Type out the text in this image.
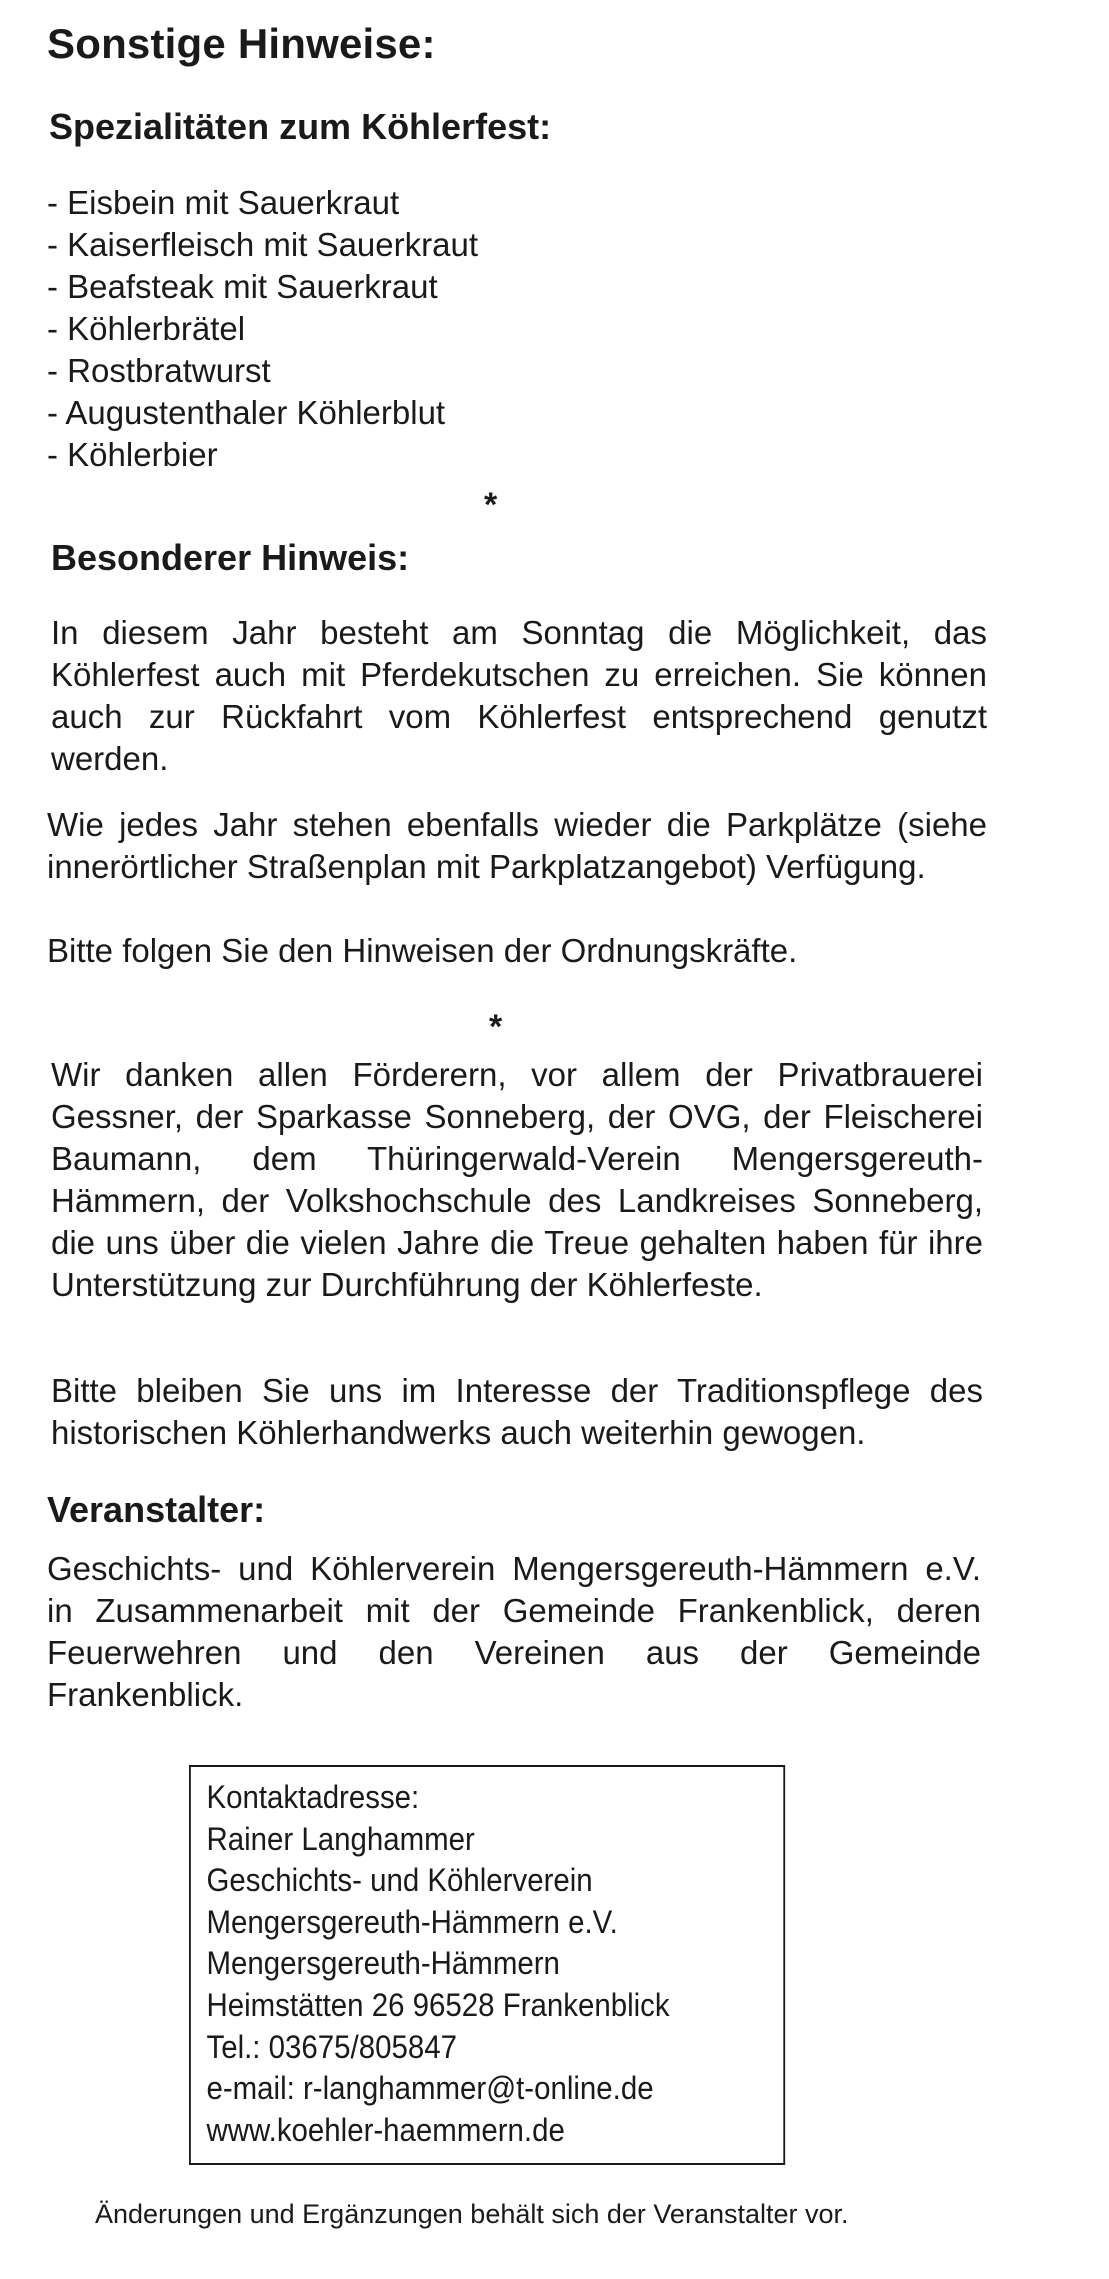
Sonstige Hinweise:
Spezialitäten zum Köhlerfest:
- Eisbein mit Sauerkraut
- Kaiserfleisch mit Sauerkraut
- Beafsteak mit Sauerkraut
- Köhlerbrätel
- Rostbratwurst
- Augustenthaler Köhlerblut
- Köhlerbier
*
Besonderer Hinweis:

In diesem Jahr besteht am Sonntag die Möglichkeit, das Köhlerfest auch mit Pferdekutschen zu erreichen. Sie können auch zur Rückfahrt vom Köhlerfest entsprechend genutzt werden.

Wie jedes Jahr stehen ebenfalls wieder die Parkplätze (siehe innerörtlicher Straßenplan mit Parkplatzangebot) Verfügung.

Bitte folgen Sie den Hinweisen der Ordnungskräfte.

*

Wir danken allen Förderern, vor allem der Privatbrauerei Gessner, der Sparkasse Sonneberg, der OVG, der Fleischerei Baumann, dem Thüringerwald-Verein Mengersgereuth-Hämmern, der Volkshochschule des Landkreises Sonneberg, die uns über die vielen Jahre die Treue gehalten haben für ihre Unterstützung zur Durchführung der Köhlerfeste.

Bitte bleiben Sie uns im Interesse der Traditionspflege des historischen Köhlerhandwerks auch weiterhin gewogen.

Veranstalter:

Geschichts- und Köhlerverein Mengersgereuth-Hämmern e.V. in Zusammenarbeit mit der Gemeinde Frankenblick, deren Feuerwehren und den Vereinen aus der Gemeinde Frankenblick.

Kontaktadresse:
Rainer Langhammer
Geschichts- und Köhlerverein
Mengersgereuth-Hämmern e.V.
Mengersgereuth-Hämmern
Heimstätten 26 96528 Frankenblick
Tel.: 03675/805847
e-mail: r-langhammer@t-online.de
www.koehler-haemmern.de
Änderungen und Ergänzungen behält sich der Veranstalter vor.
